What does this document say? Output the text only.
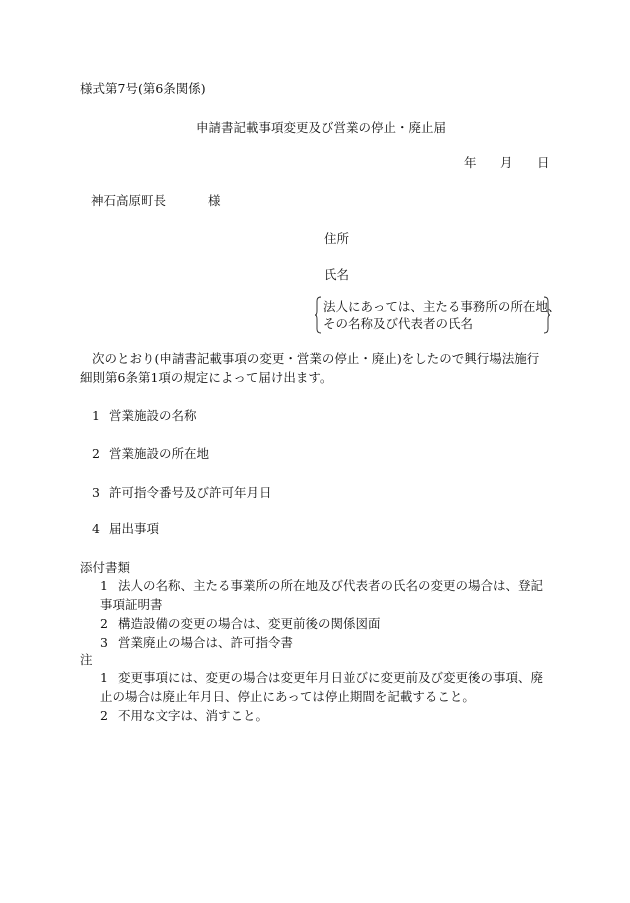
様式第7号(第6条関係)
申請書記載事項変更及び営業の停止・廃止届
年 月 日
神石高原町長	様
住所
氏名
法人にあっては、主たる事務所の所在地、
その名称及び代表者の氏名
次のとおり(申請書記載事項の変更・営業の停止・廃止)をしたので興行場法施行細則第6条第1項の規定によって届け出ます。
1 営業施設の名称
2 営業施設の所在地
3 許可指令番号及び許可年月日
4 届出事項
添付書類
1 法人の名称、主たる事業所の所在地及び代表者の氏名の変更の場合は、登記事項証明書
2 構造設備の変更の場合は、変更前後の関係図面
3 営業廃止の場合は、許可指令書
注
1 変更事項には、変更の場合は変更年月日並びに変更前及び変更後の事項、廃止の場合は廃止年月日、停止にあっては停止期間を記載すること。
2 不用な文字は、消すこと。
